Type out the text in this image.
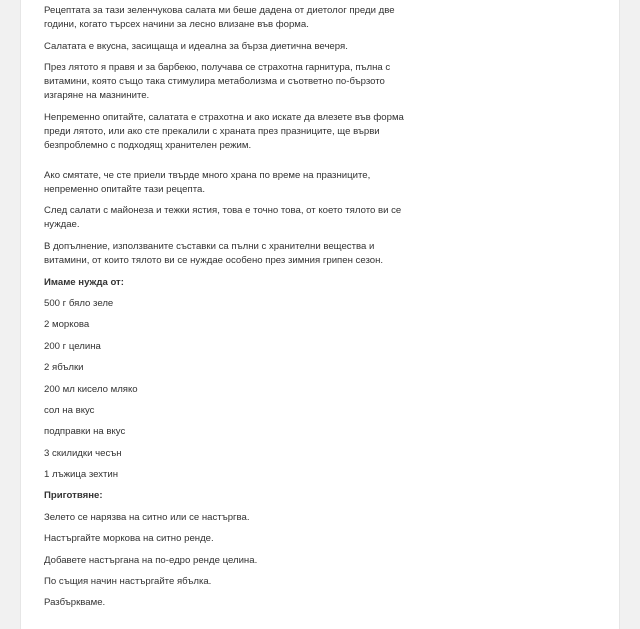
Рецептата за тази зеленчукова салата ми беше дадена от диетолог преди две години, когато търсех начини за лесно влизане във форма.

Салатата е вкусна, засищаща и идеална за бърза диетична вечеря.

През лятото я правя и за барбекю, получава се страхотна гарнитура, пълна с витамини, която също така стимулира метаболизма и съответно по-бързото изгаряне на мазнините.

Непременно опитайте, салатата е страхотна и ако искате да влезете във форма преди лятото, или ако сте прекалили с храната през празниците, ще върви безпроблемно с подходящ хранителен режим.

Ако смятате, че сте приели твърде много храна по време на празниците, непременно опитайте тази рецепта.

След салати с майонеза и тежки ястия, това е точно това, от което тялото ви се нуждае.

В допълнение, използваните съставки са пълни с хранителни вещества и витамини, от които тялото ви се нуждае особено през зимния грипен сезон.

Имаме нужда от:

500 г бяло зеле

2 моркова

200 г целина

2 ябълки

200 мл кисело мляко

сол на вкус

подправки на вкус

3 скилидки чесън

1 лъжица зехтин

Приготвяне:

Зелето се нарязва на ситно или се настъргва.

Настъргайте моркова на ситно ренде.

Добавете настъргана на по-едро ренде целина.

По същия начин настъргайте ябълка.

Разбъркваме.
